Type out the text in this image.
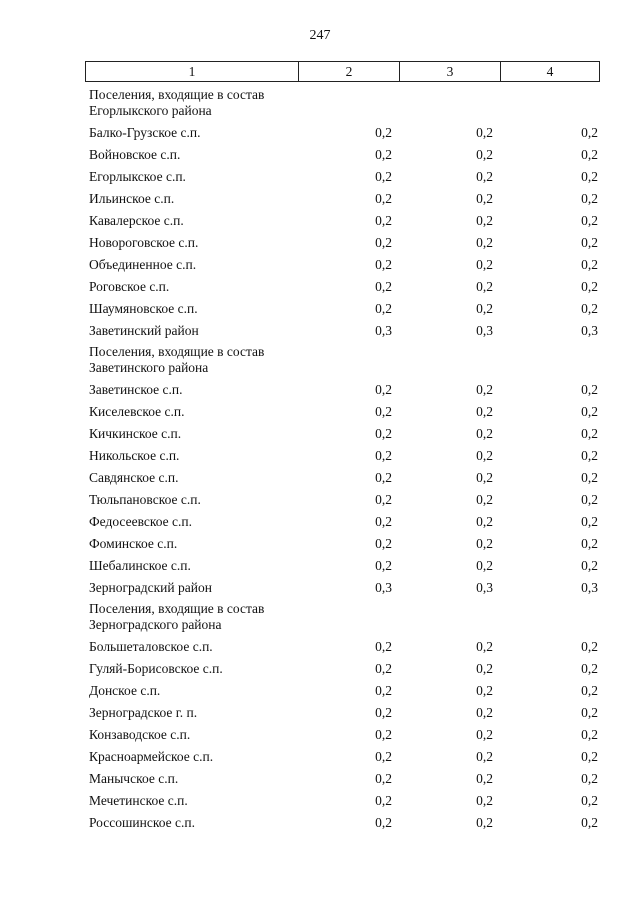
247
1	2	3	4
Поселения, входящие в состав
Егорлыкского района
Балко-Грузское с.п.	0,2	0,2	0,2
Войновское с.п.	0,2	0,2	0,2
Егорлыкское с.п.	0,2	0,2	0,2
Ильинское с.п.	0,2	0,2	0,2
Кавалерское с.п.	0,2	0,2	0,2
Новороговское с.п.	0,2	0,2	0,2
Объединенное с.п.	0,2	0,2	0,2
Роговское с.п.	0,2	0,2	0,2
Шаумяновское с.п.	0,2	0,2	0,2
Заветинский район	0,3	0,3	0,3
Поселения, входящие в состав
Заветинского района
Заветинское с.п.	0,2	0,2	0,2
Киселевское с.п.	0,2	0,2	0,2
Кичкинское с.п.	0,2	0,2	0,2
Никольское с.п.	0,2	0,2	0,2
Савдянское с.п.	0,2	0,2	0,2
Тюльпановское с.п.	0,2	0,2	0,2
Федосеевское с.п.	0,2	0,2	0,2
Фоминское с.п.	0,2	0,2	0,2
Шебалинское с.п.	0,2	0,2	0,2
Зерноградский район	0,3	0,3	0,3
Поселения, входящие в состав
Зерноградского района
Большеталовское с.п.	0,2	0,2	0,2
Гуляй-Борисовское с.п.	0,2	0,2	0,2
Донское с.п.	0,2	0,2	0,2
Зерноградское г. п.	0,2	0,2	0,2
Конзаводское с.п.	0,2	0,2	0,2
Красноармейское с.п.	0,2	0,2	0,2
Манычское с.п.	0,2	0,2	0,2
Мечетинское с.п.	0,2	0,2	0,2
Россошинское с.п.	0,2	0,2	0,2
